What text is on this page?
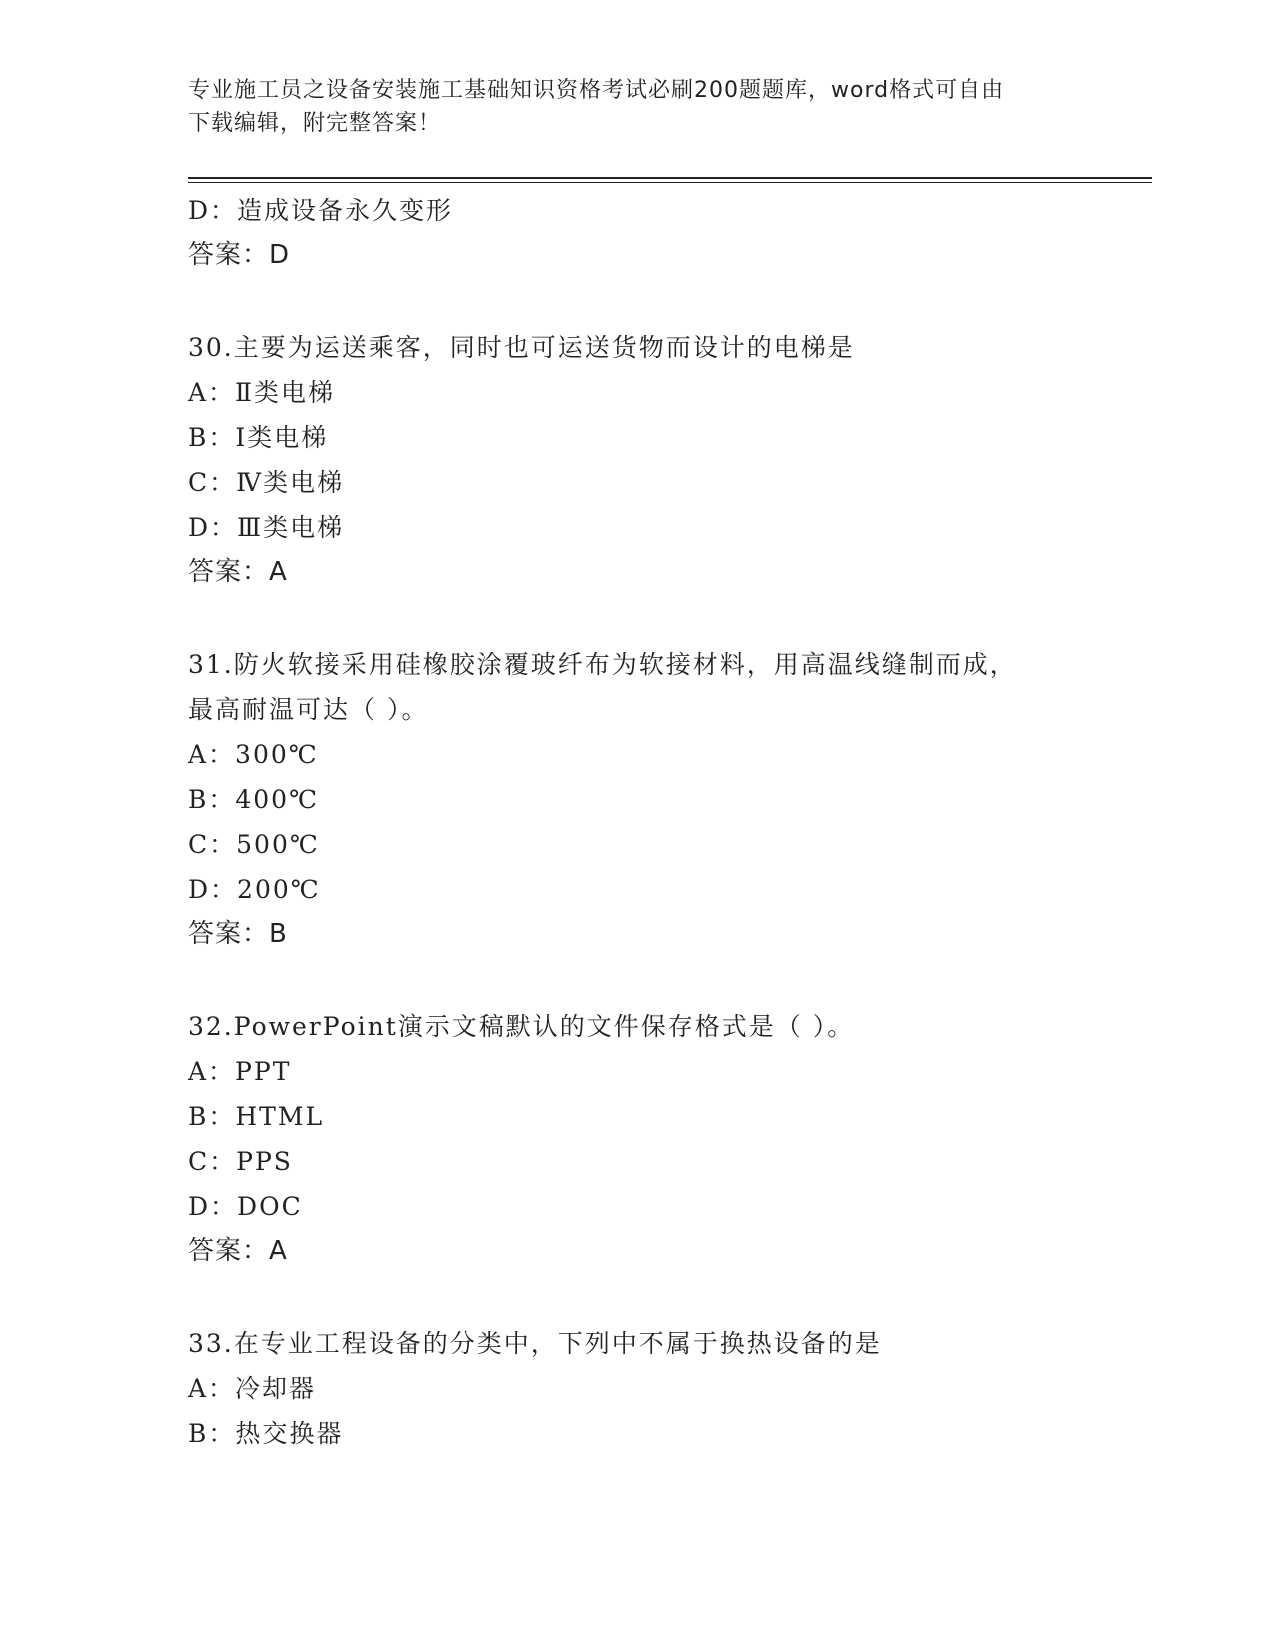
专业施工员之设备安装施工基础知识资格考试必刷200题题库，word格式可自由
下载编辑，附完整答案！
D：造成设备永久变形
答案：D
30.主要为运送乘客，同时也可运送货物而设计的电梯是
A：Ⅱ类电梯
B：Ⅰ类电梯
C：Ⅳ类电梯
D：Ⅲ类电梯
答案：A
31.防火软接采用硅橡胶涂覆玻纤布为软接材料，用高温线缝制而成，
最高耐温可达（ ）。
A：300℃
B：400℃
C：500℃
D：200℃
答案：B
32.PowerPoint演示文稿默认的文件保存格式是（ ）。
A：PPT
B：HTML
C：PPS
D：DOC
答案：A
33.在专业工程设备的分类中，下列中不属于换热设备的是
A：冷却器
B：热交换器
